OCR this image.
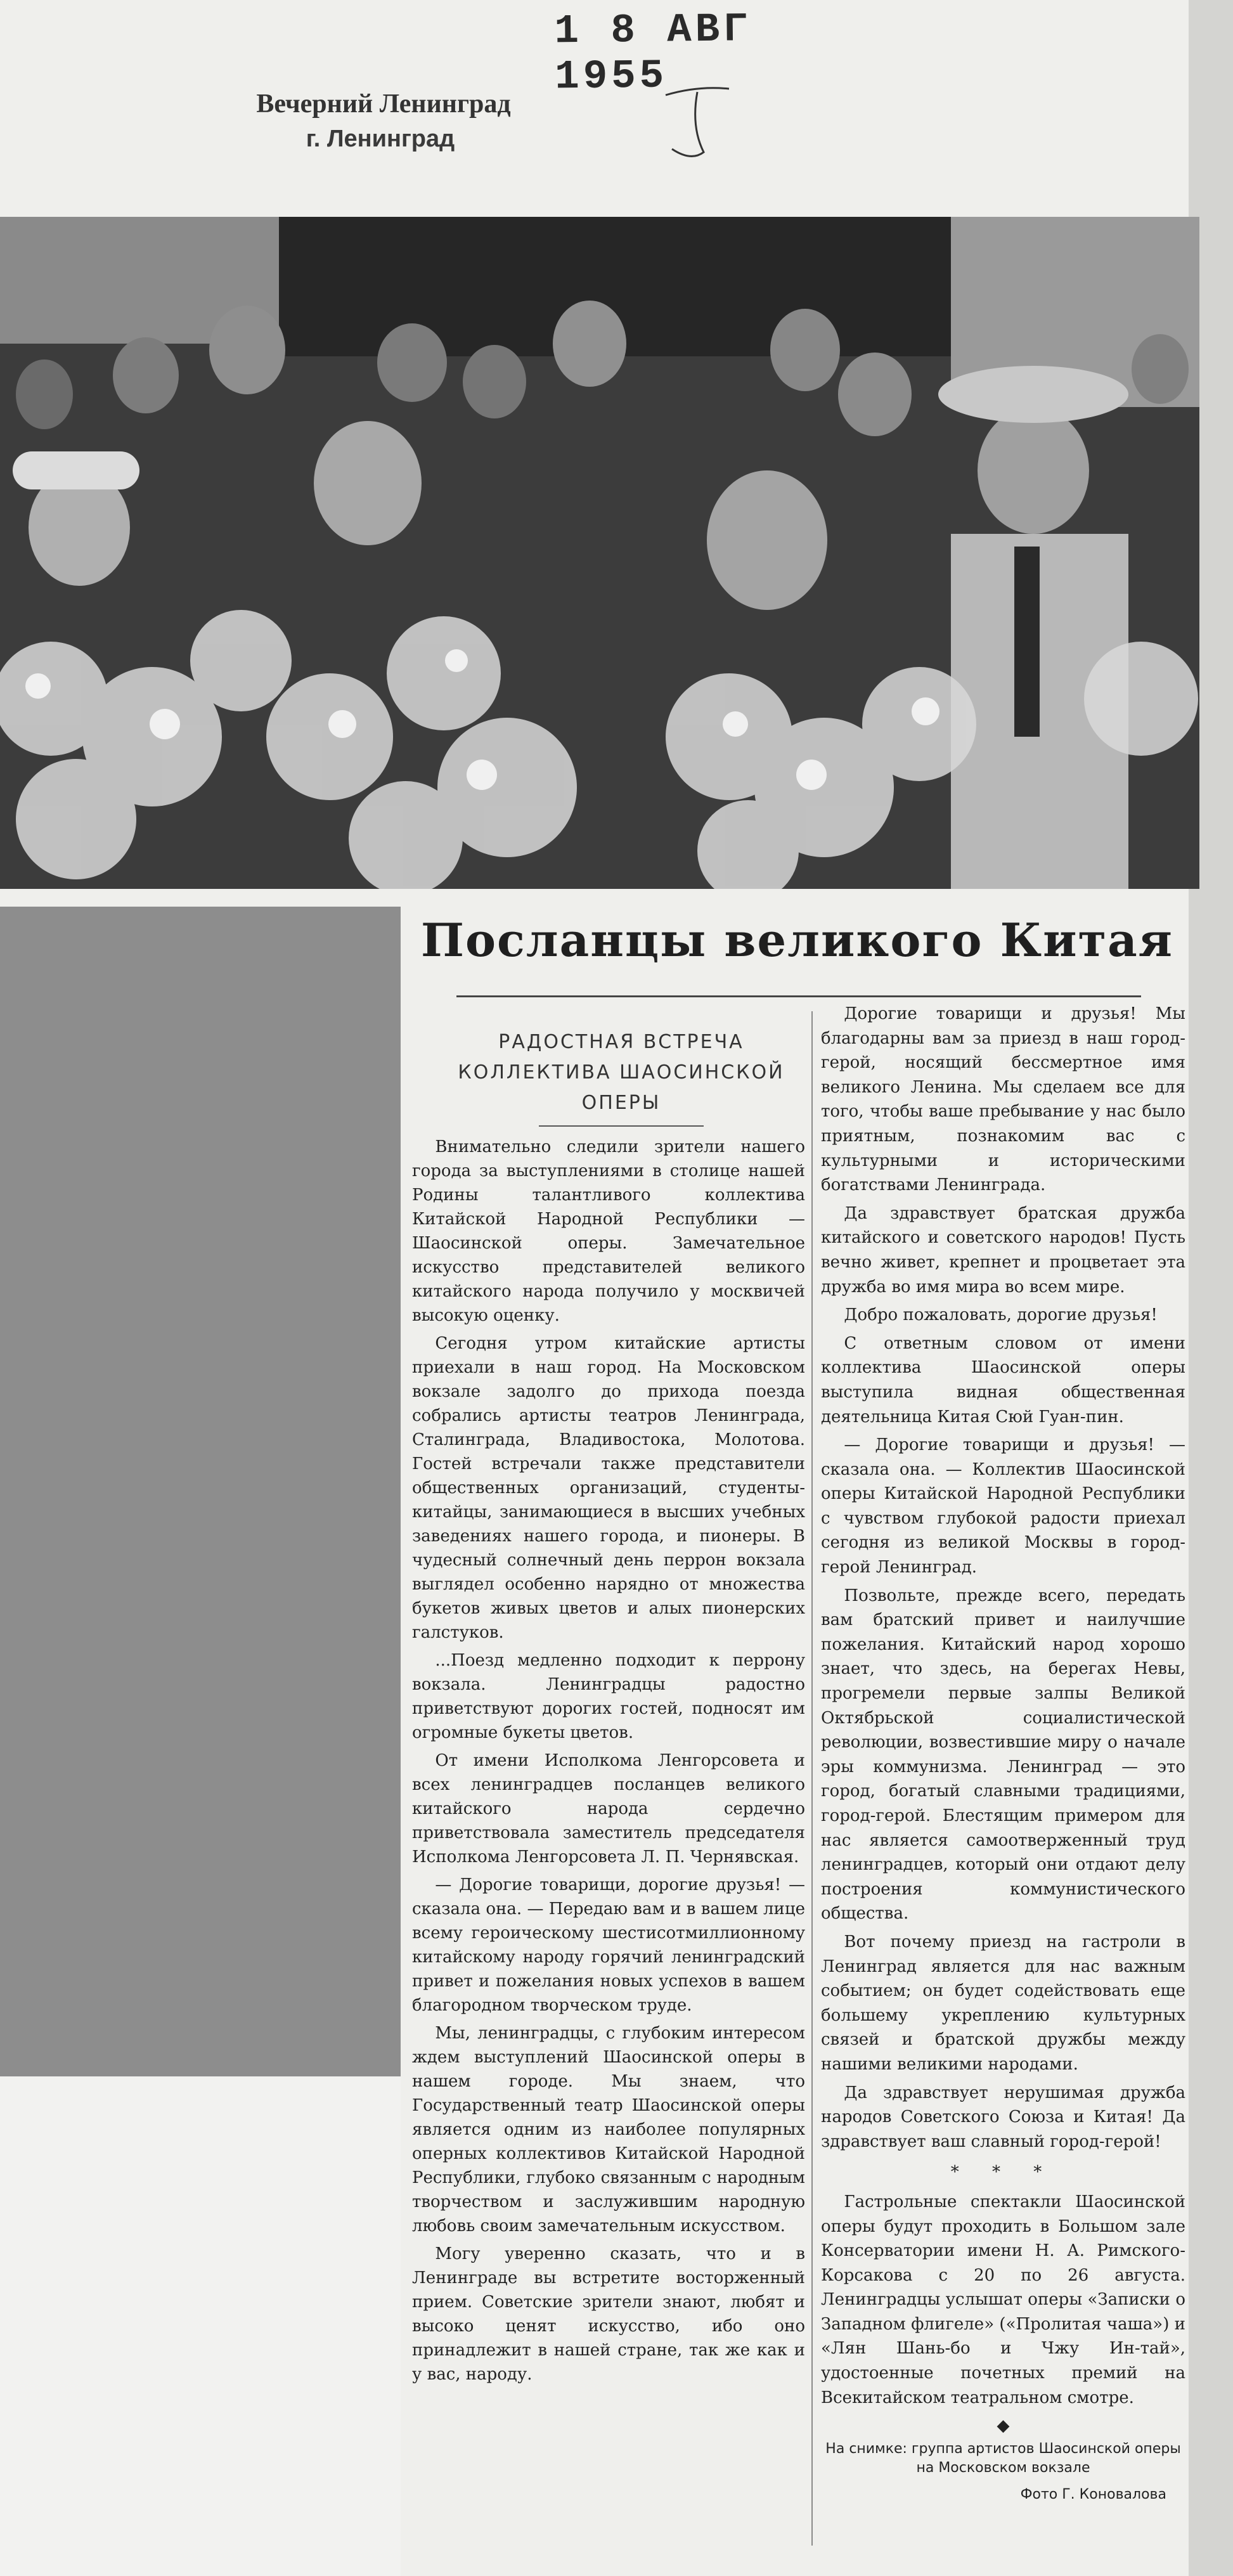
1 8 АВГ 1955
Вечерний Ленинград
г. Ленинград
Посланцы великого Китая
РАДОСТНАЯ ВСТРЕЧА
КОЛЛЕКТИВА ШАОСИНСКОЙ
ОПЕРЫ

Внимательно следили зрители нашего города за выступлениями в столице нашей Родины талантливого коллектива Китайской Народной Республики — Шаосинской оперы. Замечательное искусство представителей великого китайского народа получило у москвичей высокую оценку.

Сегодня утром китайские артисты приехали в наш город. На Московском вокзале задолго до прихода поезда собрались артисты театров Ленинграда, Сталинграда, Владивостока, Молотова. Гостей встречали также представители общественных организаций, студенты-китайцы, занимающиеся в высших учебных заведениях нашего города, и пионеры. В чудесный солнечный день перрон вокзала выглядел особенно нарядно от множества букетов живых цветов и алых пионерских галстуков.

...Поезд медленно подходит к перрону вокзала. Ленинградцы радостно приветствуют дорогих гостей, подносят им огромные букеты цветов.

От имени Исполкома Ленгорсовета и всех ленинградцев посланцев великого китайского народа сердечно приветствовала заместитель председателя Исполкома Ленгорсовета Л. П. Чернявская.

— Дорогие товарищи, дорогие друзья! — сказала она. — Передаю вам и в вашем лице всему героическому шестисотмиллионному китайскому народу горячий ленинградский привет и пожелания новых успехов в вашем благородном творческом труде.

Мы, ленинградцы, с глубоким интересом ждем выступлений Шаосинской оперы в нашем городе. Мы знаем, что Государственный театр Шаосинской оперы является одним из наиболее популярных оперных коллективов Китайской Народной Республики, глубоко связанным с народным творчеством и заслужившим народную любовь своим замечательным искусством.

Могу уверенно сказать, что и в Ленинграде вы встретите восторженный прием. Советские зрители знают, любят и высоко ценят искусство, ибо оно принадлежит в нашей стране, так же как и у вас, народу.

Дорогие товарищи и друзья! Мы благодарны вам за приезд в наш город-герой, носящий бессмертное имя великого Ленина. Мы сделаем все для того, чтобы ваше пребывание у нас было приятным, познакомим вас с культурными и историческими богатствами Ленинграда.

Да здравствует братская дружба китайского и советского народов! Пусть вечно живет, крепнет и процветает эта дружба во имя мира во всем мире.

Добро пожаловать, дорогие друзья!

С ответным словом от имени коллектива Шаосинской оперы выступила видная общественная деятельница Китая Сюй Гуан-пин.

— Дорогие товарищи и друзья! — сказала она. — Коллектив Шаосинской оперы Китайской Народной Республики с чувством глубокой радости приехал сегодня из великой Москвы в город-герой Ленинград.

Позвольте, прежде всего, передать вам братский привет и наилучшие пожелания. Китайский народ хорошо знает, что здесь, на берегах Невы, прогремели первые залпы Великой Октябрьской социалистической революции, возвестившие миру о начале эры коммунизма. Ленинград — это город, богатый славными традициями, город-герой. Блестящим примером для нас является самоотверженный труд ленинградцев, который они отдают делу построения коммунистического общества.

Вот почему приезд на гастроли в Ленинград является для нас важным событием; он будет содействовать еще большему укреплению культурных связей и братской дружбы между нашими великими народами.

Да здравствует нерушимая дружба народов Советского Союза и Китая! Да здравствует ваш славный город-герой!

* * *

Гастрольные спектакли Шаосинской оперы будут проходить в Большом зале Консерватории имени Н. А. Римского-Корсакова с 20 по 26 августа. Ленинградцы услышат оперы «Записки о Западном флигеле» («Пролитая чаша») и «Лян Шань-бо и Чжу Ин-тай», удостоенные почетных премий на Всекитайском театральном смотре.

◆
На снимке: группа артистов Шаосинской оперы на Московском вокзале
Фото Г. Коновалова
